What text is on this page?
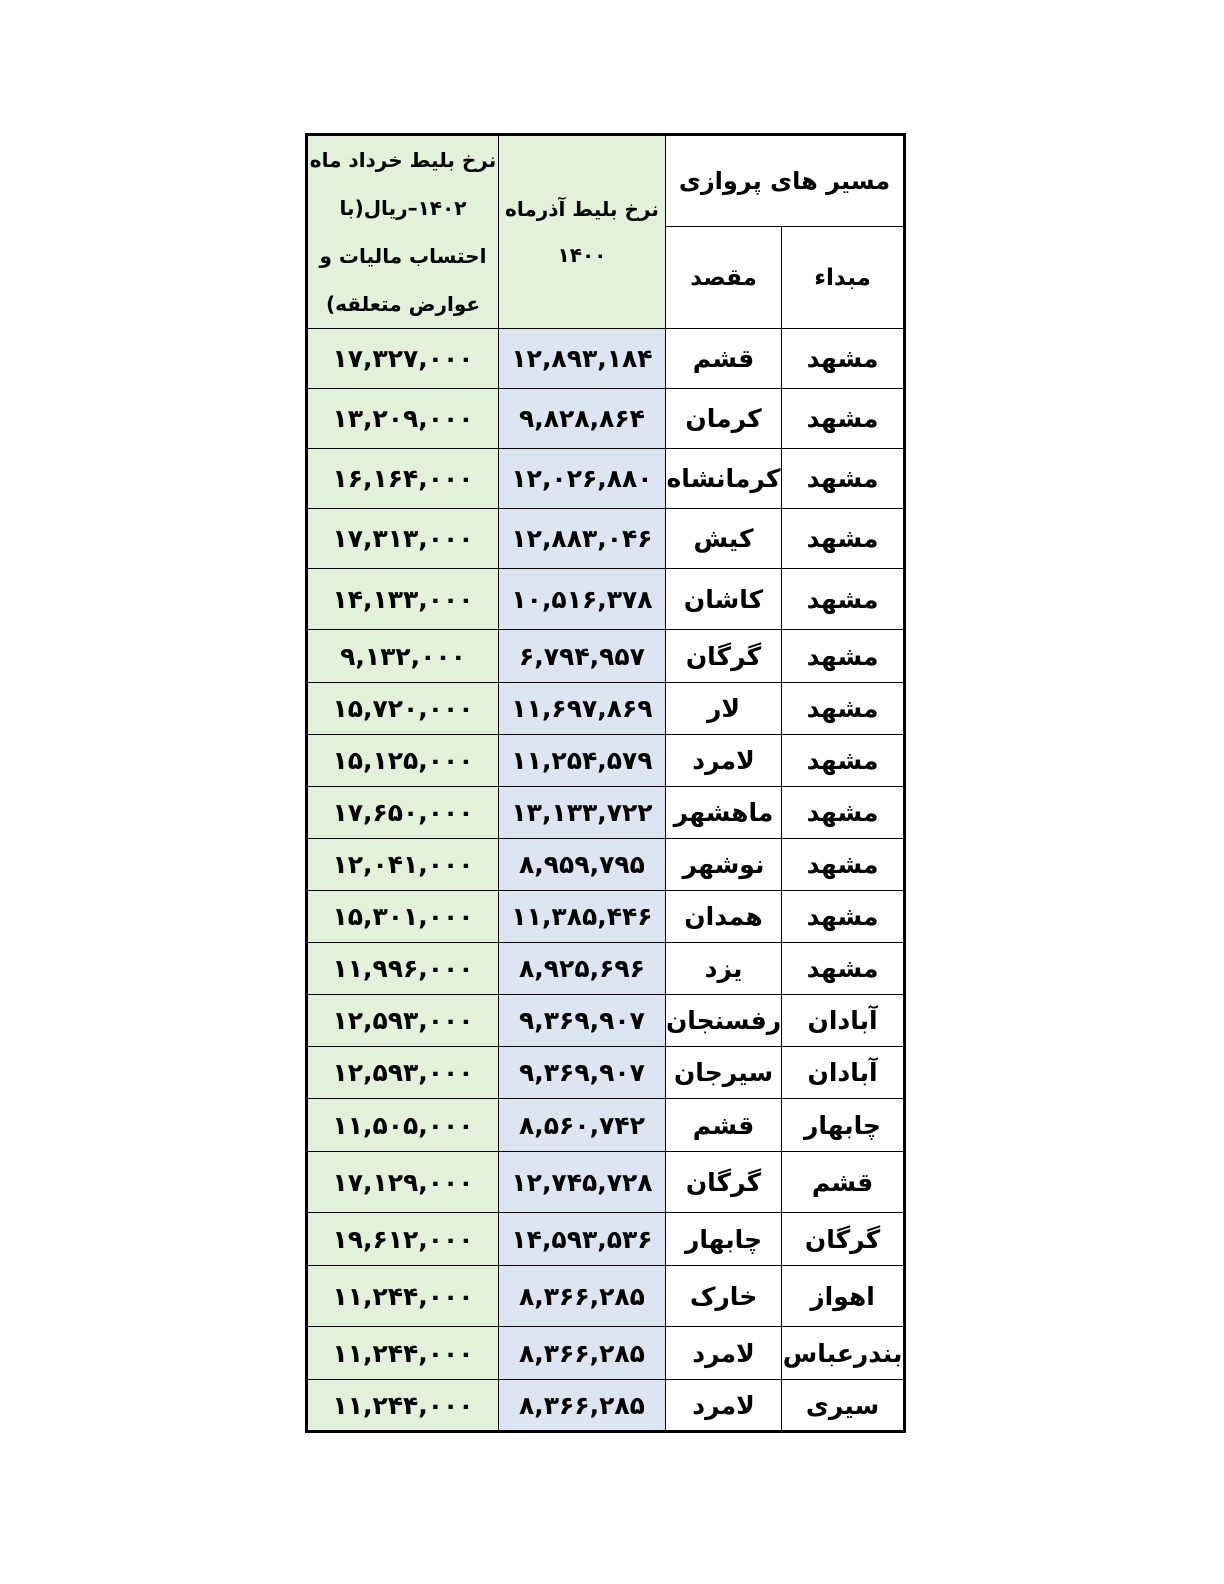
نرخ بلیط خرداد ماه ۱۴۰۲–ریال(با احتساب مالیات و عوارض متعلقه)	نرخ بلیط آذرماه ۱۴۰۰	مسیر های پروازی	
		مقصد	مبداء
۱۷,۳۲۷,۰۰۰	۱۲,۸۹۳,۱۸۴	قشم	مشهد
۱۳,۲۰۹,۰۰۰	۹,۸۲۸,۸۶۴	کرمان	مشهد
۱۶,۱۶۴,۰۰۰	۱۲,۰۲۶,۸۸۰	کرمانشاه	مشهد
۱۷,۳۱۳,۰۰۰	۱۲,۸۸۳,۰۴۶	کیش	مشهد
۱۴,۱۳۳,۰۰۰	۱۰,۵۱۶,۳۷۸	کاشان	مشهد
۹,۱۳۲,۰۰۰	۶,۷۹۴,۹۵۷	گرگان	مشهد
۱۵,۷۲۰,۰۰۰	۱۱,۶۹۷,۸۶۹	لار	مشهد
۱۵,۱۲۵,۰۰۰	۱۱,۲۵۴,۵۷۹	لامرد	مشهد
۱۷,۶۵۰,۰۰۰	۱۳,۱۳۳,۷۲۲	ماهشهر	مشهد
۱۲,۰۴۱,۰۰۰	۸,۹۵۹,۷۹۵	نوشهر	مشهد
۱۵,۳۰۱,۰۰۰	۱۱,۳۸۵,۴۴۶	همدان	مشهد
۱۱,۹۹۶,۰۰۰	۸,۹۲۵,۶۹۶	یزد	مشهد
۱۲,۵۹۳,۰۰۰	۹,۳۶۹,۹۰۷	رفسنجان	آبادان
۱۲,۵۹۳,۰۰۰	۹,۳۶۹,۹۰۷	سیرجان	آبادان
۱۱,۵۰۵,۰۰۰	۸,۵۶۰,۷۴۲	قشم	چابهار
۱۷,۱۲۹,۰۰۰	۱۲,۷۴۵,۷۲۸	گرگان	قشم
۱۹,۶۱۲,۰۰۰	۱۴,۵۹۳,۵۳۶	چابهار	گرگان
۱۱,۲۴۴,۰۰۰	۸,۳۶۶,۲۸۵	خارک	اهواز
۱۱,۲۴۴,۰۰۰	۸,۳۶۶,۲۸۵	لامرد	بندرعباس
۱۱,۲۴۴,۰۰۰	۸,۳۶۶,۲۸۵	لامرد	سیری
